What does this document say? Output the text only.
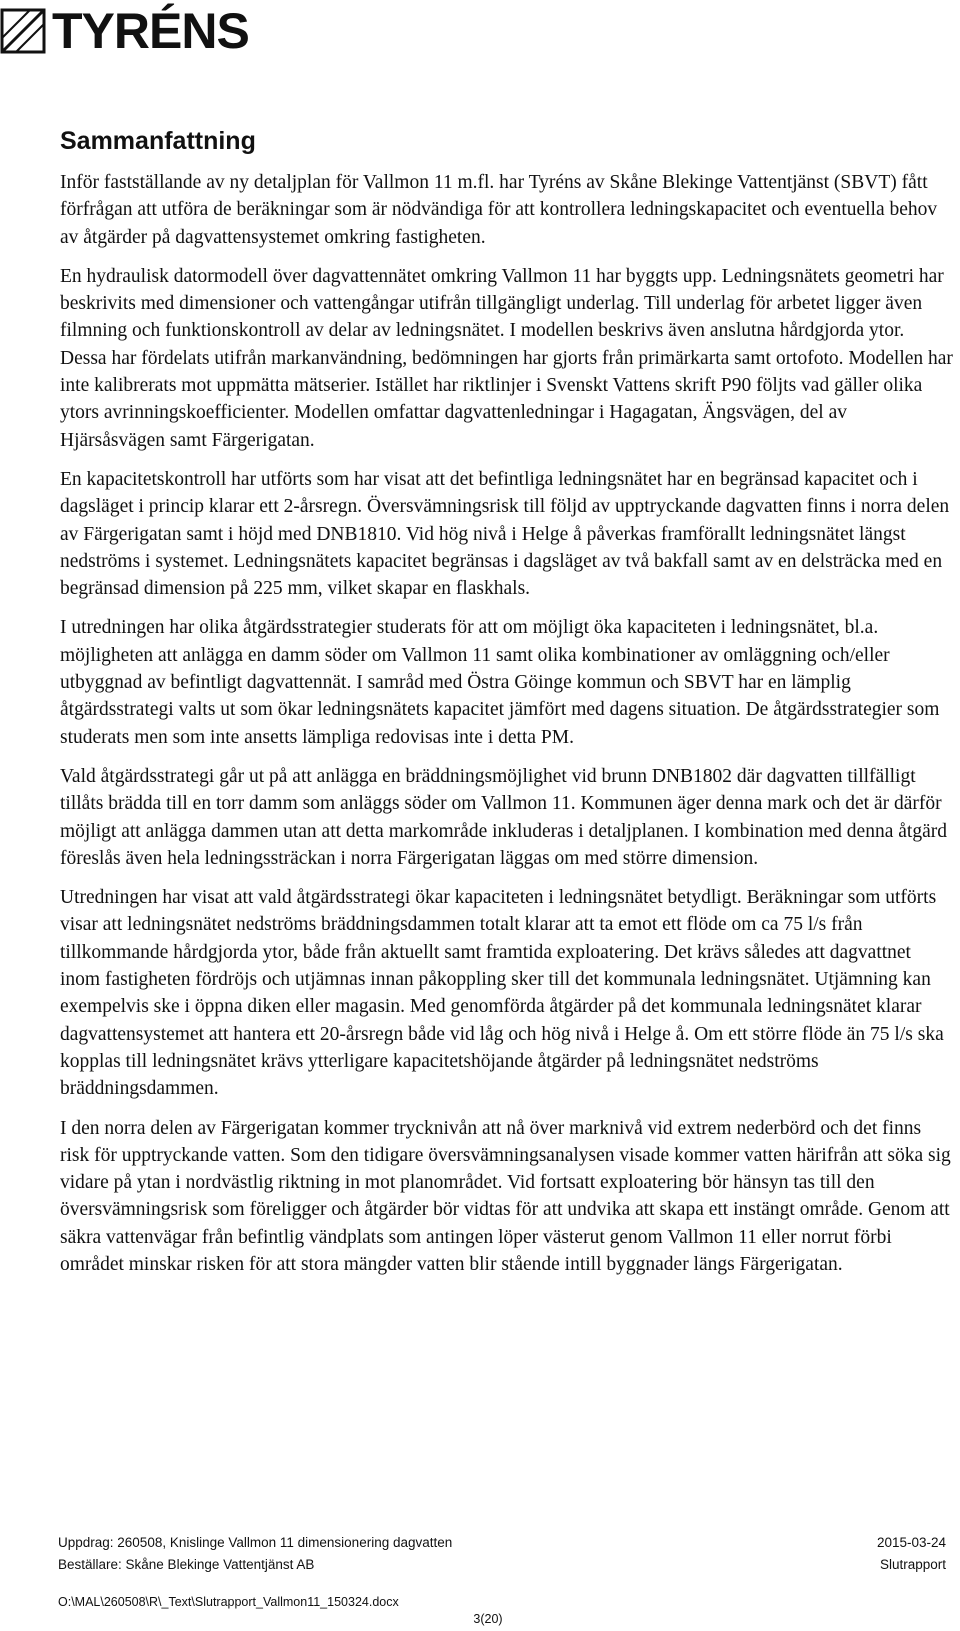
TYRÉNS
Sammanfattning

Inför fastställande av ny detaljplan för Vallmon 11 m.fl. har Tyréns av Skåne Blekinge Vattentjänst (SBVT) fått förfrågan att utföra de beräkningar som är nödvändiga för att kontrollera ledningskapacitet och eventuella behov av åtgärder på dagvattensystemet omkring fastigheten.

En hydraulisk datormodell över dagvattennätet omkring Vallmon 11 har byggts upp. Ledningsnätets geometri har beskrivits med dimensioner och vattengångar utifrån tillgängligt underlag. Till underlag för arbetet ligger även filmning och funktionskontroll av delar av ledningsnätet. I modellen beskrivs även anslutna hårdgjorda ytor. Dessa har fördelats utifrån markanvändning, bedömningen har gjorts från primärkarta samt ortofoto. Modellen har inte kalibrerats mot uppmätta mätserier. Istället har riktlinjer i Svenskt Vattens skrift P90 följts vad gäller olika ytors avrinningskoefficienter. Modellen omfattar dagvattenledningar i Hagagatan, Ängsvägen, del av Hjärsåsvägen samt Färgerigatan.

En kapacitetskontroll har utförts som har visat att det befintliga ledningsnätet har en begränsad kapacitet och i dagsläget i princip klarar ett 2-årsregn. Översvämningsrisk till följd av upptryckande dagvatten finns i norra delen av Färgerigatan samt i höjd med DNB1810. Vid hög nivå i Helge å påverkas framförallt ledningsnätet längst nedströms i systemet. Ledningsnätets kapacitet begränsas i dagsläget av två bakfall samt av en delsträcka med en begränsad dimension på 225 mm, vilket skapar en flaskhals.

I utredningen har olika åtgärdsstrategier studerats för att om möjligt öka kapaciteten i ledningsnätet, bl.a. möjligheten att anlägga en damm söder om Vallmon 11 samt olika kombinationer av omläggning och/eller utbyggnad av befintligt dagvattennät. I samråd med Östra Göinge kommun och SBVT har en lämplig åtgärdsstrategi valts ut som ökar ledningsnätets kapacitet jämfört med dagens situation. De åtgärdsstrategier som studerats men som inte ansetts lämpliga redovisas inte i detta PM.

Vald åtgärdsstrategi går ut på att anlägga en bräddningsmöjlighet vid brunn DNB1802 där dagvatten tillfälligt tillåts brädda till en torr damm som anläggs söder om Vallmon 11. Kommunen äger denna mark och det är därför möjligt att anlägga dammen utan att detta markområde inkluderas i detaljplanen. I kombination med denna åtgärd föreslås även hela ledningssträckan i norra Färgerigatan läggas om med större dimension.

Utredningen har visat att vald åtgärdsstrategi ökar kapaciteten i ledningsnätet betydligt. Beräkningar som utförts visar att ledningsnätet nedströms bräddningsdammen totalt klarar att ta emot ett flöde om ca 75 l/s från tillkommande hårdgjorda ytor, både från aktuellt samt framtida exploatering. Det krävs således att dagvattnet inom fastigheten fördröjs och utjämnas innan påkoppling sker till det kommunala ledningsnätet. Utjämning kan exempelvis ske i öppna diken eller magasin. Med genomförda åtgärder på det kommunala ledningsnätet klarar dagvattensystemet att hantera ett 20-årsregn både vid låg och hög nivå i Helge å. Om ett större flöde än 75 l/s ska kopplas till ledningsnätet krävs ytterligare kapacitetshöjande åtgärder på ledningsnätet nedströms bräddningsdammen.

I den norra delen av Färgerigatan kommer trycknivån att nå över marknivå vid extrem nederbörd och det finns risk för upptryckande vatten. Som den tidigare översvämningsanalysen visade kommer vatten härifrån att söka sig vidare på ytan i nordvästlig riktning in mot planområdet. Vid fortsatt exploatering bör hänsyn tas till den översvämningsrisk som föreligger och åtgärder bör vidtas för att undvika att skapa ett instängt område. Genom att säkra vattenvägar från befintlig vändplats som antingen löper västerut genom Vallmon 11 eller norrut förbi området minskar risken för att stora mängder vatten blir stående intill byggnader längs Färgerigatan.

Uppdrag: 260508, Knislinge Vallmon 11 dimensionering dagvatten	2015-03-24
Beställare: Skåne Blekinge Vattentjänst AB	Slutrapport
O:\MAL\260508\R\_Text\Slutrapport_Vallmon11_150324.docx
3(20)
